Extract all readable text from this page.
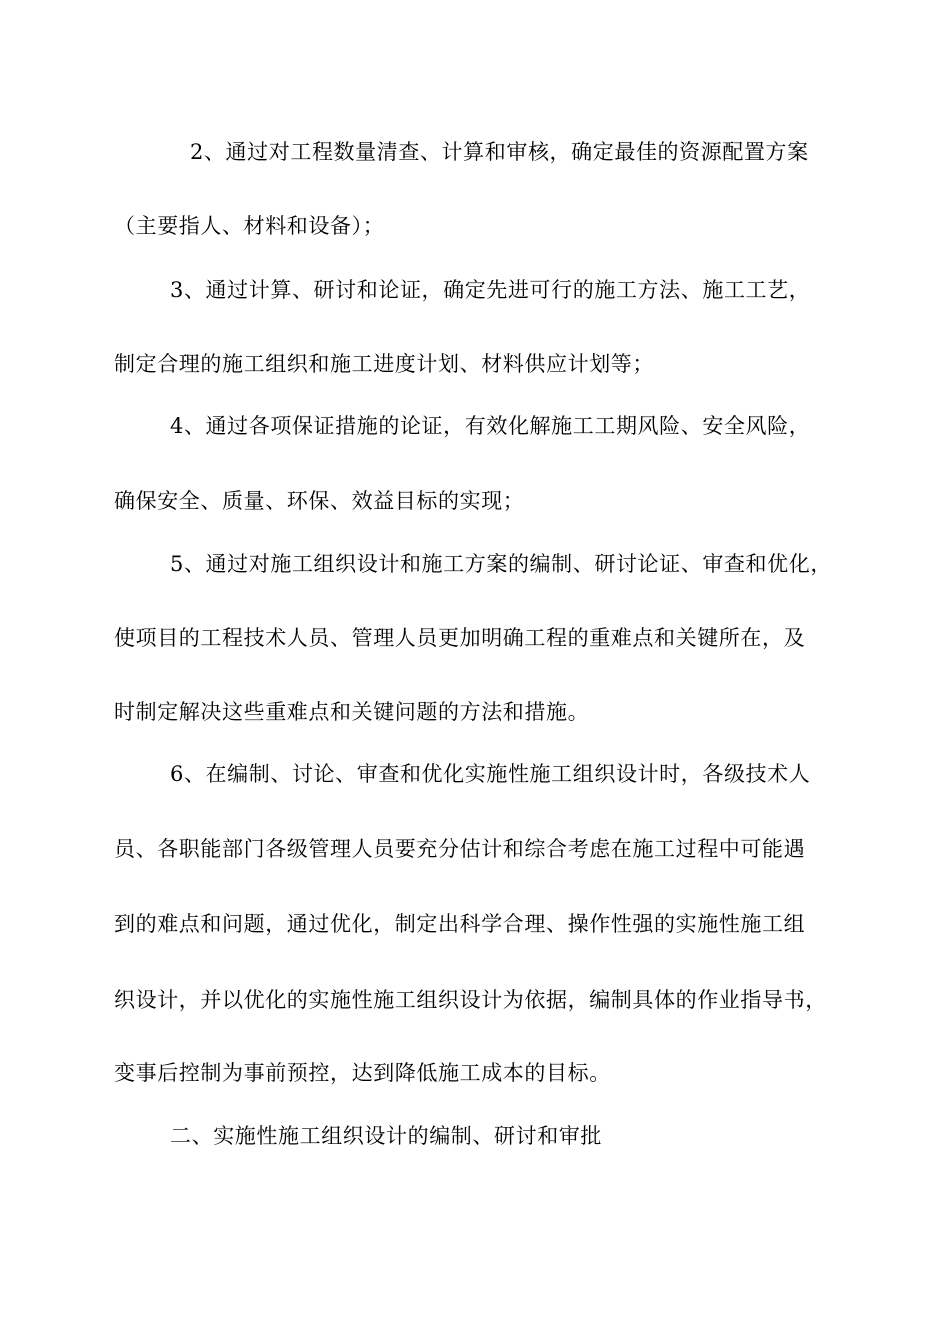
2、通过对工程数量清查、计算和审核，确定最佳的资源配置方案
（主要指人、材料和设备）；
3、通过计算、研讨和论证，确定先进可行的施工方法、施工工艺，
制定合理的施工组织和施工进度计划、材料供应计划等；
4、通过各项保证措施的论证，有效化解施工工期风险、安全风险，
确保安全、质量、环保、效益目标的实现；
5、通过对施工组织设计和施工方案的编制、研讨论证、审查和优化，
使项目的工程技术人员、管理人员更加明确工程的重难点和关键所在，及
时制定解决这些重难点和关键问题的方法和措施。
6、在编制、讨论、审查和优化实施性施工组织设计时，各级技术人
员、各职能部门各级管理人员要充分估计和综合考虑在施工过程中可能遇
到的难点和问题，通过优化，制定出科学合理、操作性强的实施性施工组
织设计，并以优化的实施性施工组织设计为依据，编制具体的作业指导书，
变事后控制为事前预控，达到降低施工成本的目标。
二、实施性施工组织设计的编制、研讨和审批
